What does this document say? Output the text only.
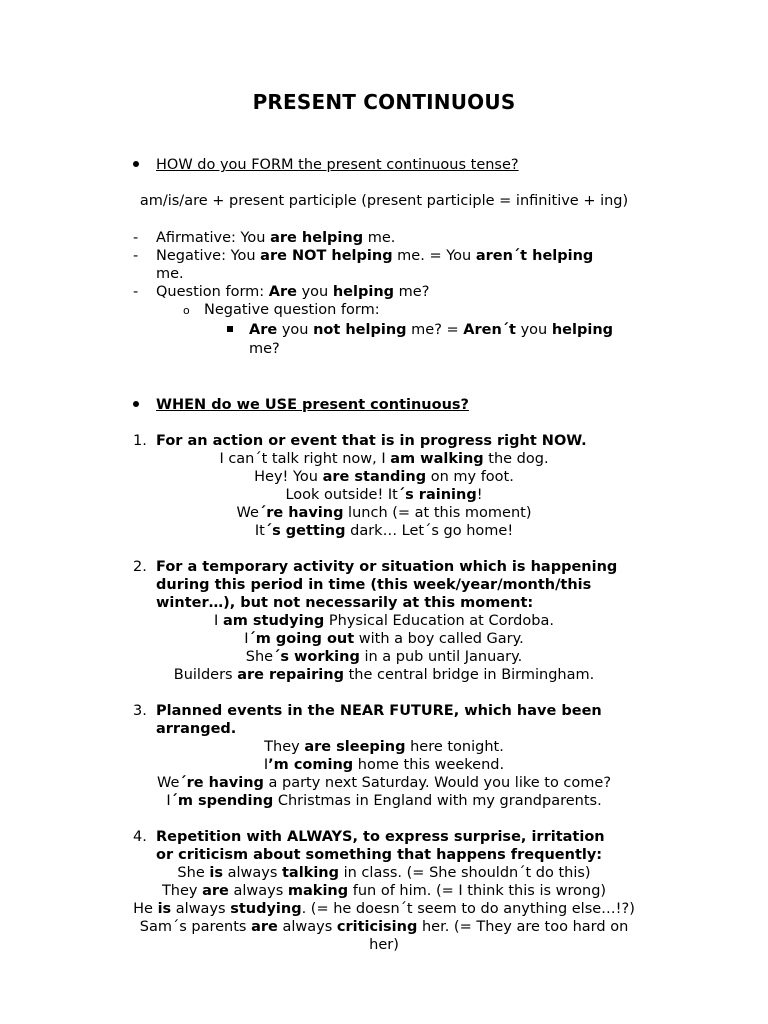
PRESENT CONTINUOUS
HOW do you FORM the present continuous tense?
am/is/are + present participle (present participle = infinitive + ing)
- Afirmative: You are helping me.
- Negative: You are NOT helping me. = You aren´t helping
me.
- Question form: Are you helping me?
o Negative question form:
Are you not helping me? = Aren´t you helping
me?
WHEN do we USE present continuous?
1. For an action or event that is in progress right NOW.
I can´t talk right now, I am walking the dog.
Hey! You are standing on my foot.
Look outside! It´s raining!
We´re having lunch (= at this moment)
It´s getting dark… Let´s go home!
2. For a temporary activity or situation which is happening
during this period in time (this week/year/month/this
winter…), but not necessarily at this moment:
I am studying Physical Education at Cordoba.
I´m going out with a boy called Gary.
She´s working in a pub until January.
Builders are repairing the central bridge in Birmingham.
3. Planned events in the NEAR FUTURE, which have been
arranged.
They are sleeping here tonight.
I’m coming home this weekend.
We´re having a party next Saturday. Would you like to come?
I´m spending Christmas in England with my grandparents.
4. Repetition with ALWAYS, to express surprise, irritation
or criticism about something that happens frequently:
She is always talking in class. (= She shouldn´t do this)
They are always making fun of him. (= I think this is wrong)
He is always studying. (= he doesn´t seem to do anything else…!?)
Sam´s parents are always criticising her. (= They are too hard on
her)
